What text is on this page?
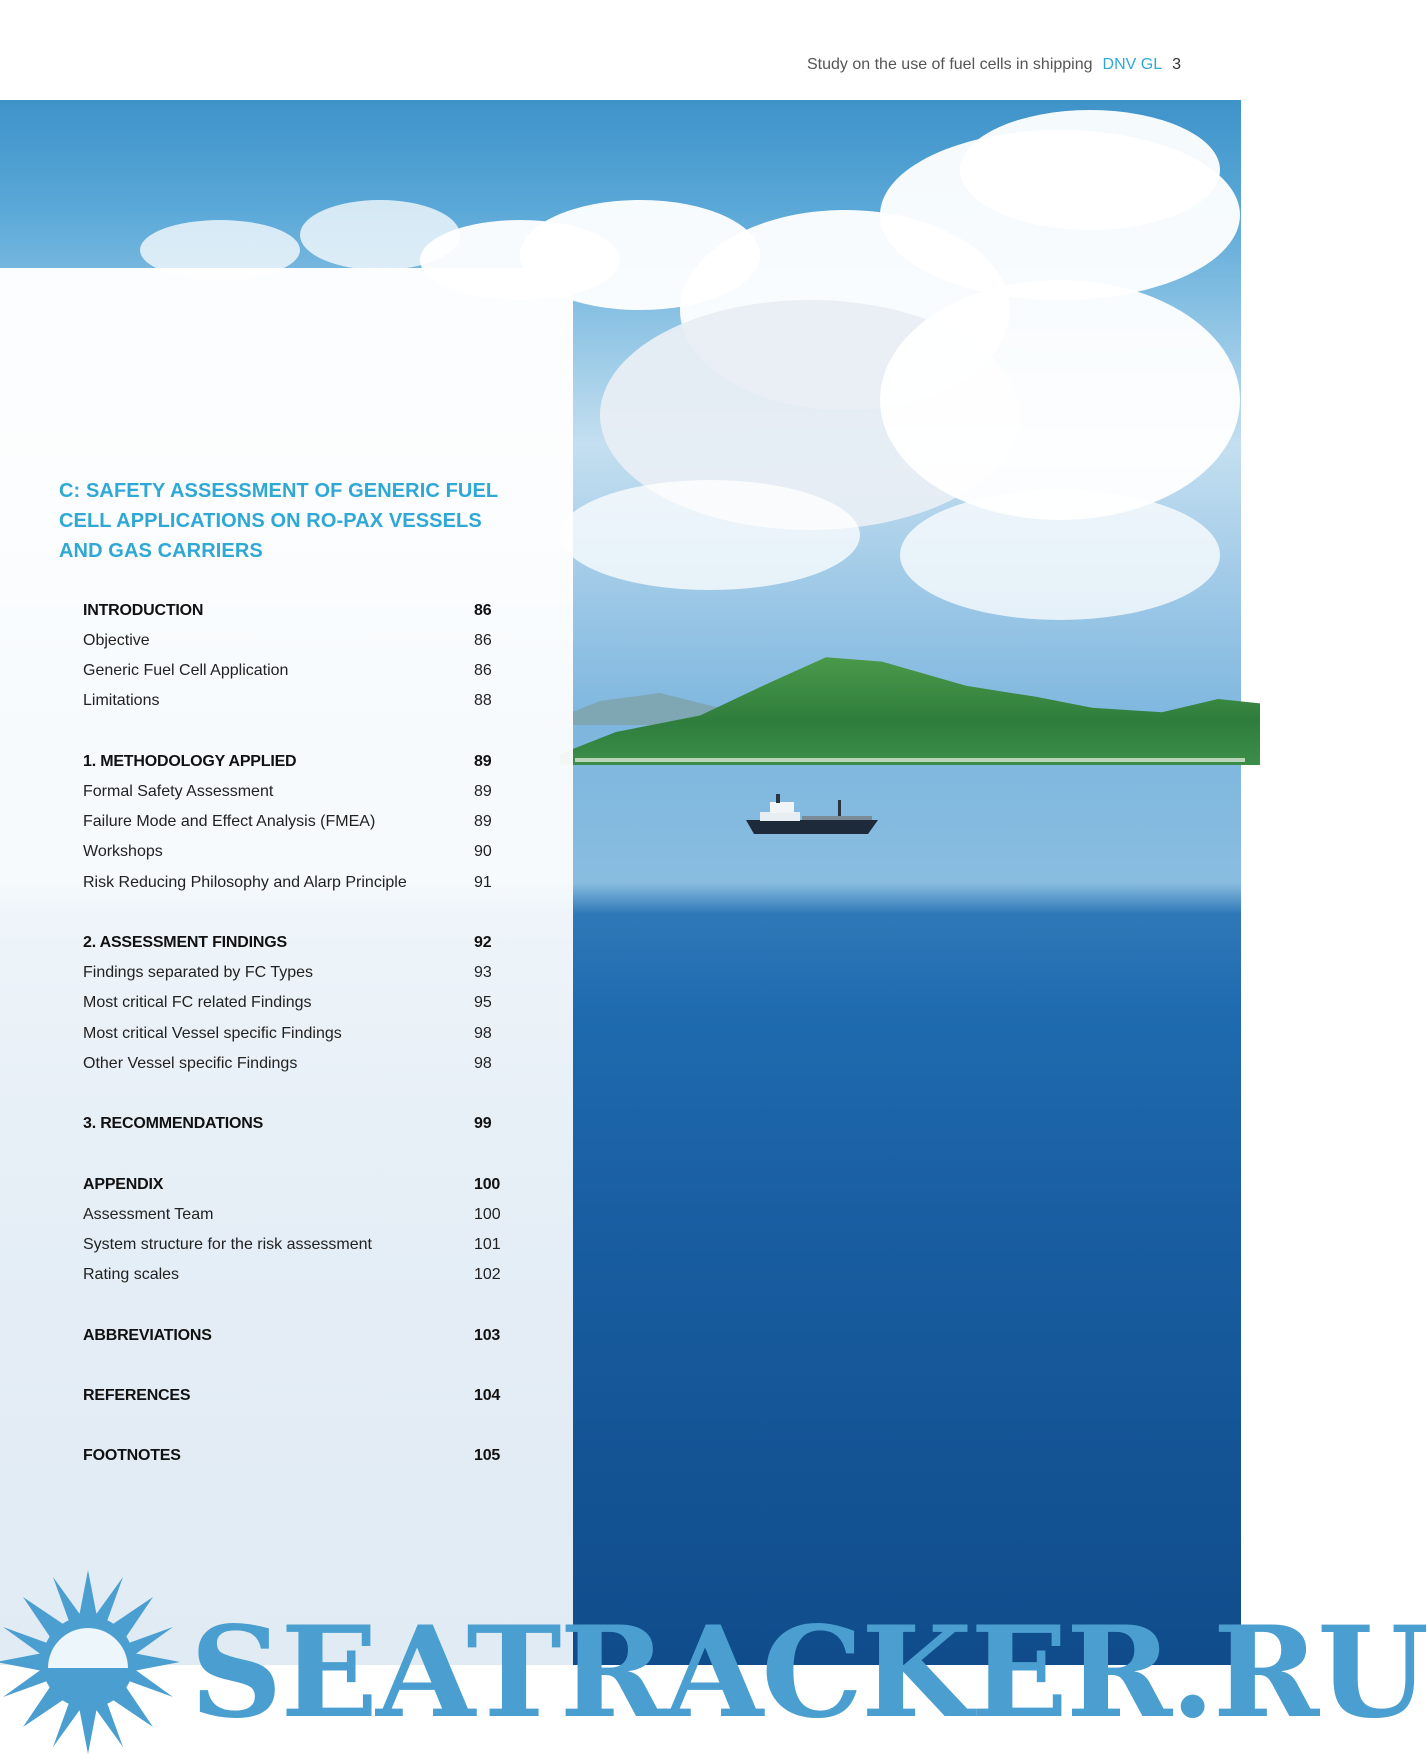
Study on the use of fuel cells in shipping DNV GL 3
C: SAFETY ASSESSMENT OF GENERIC FUEL CELL APPLICATIONS ON RO-PAX VESSELS AND GAS CARRIERS
INTRODUCTION	86
Objective	86
Generic Fuel Cell Application	86
Limitations	88
1. METHODOLOGY APPLIED	89
Formal Safety Assessment	89
Failure Mode and Effect Analysis (FMEA)	89
Workshops	90
Risk Reducing Philosophy and Alarp Principle	91
2. ASSESSMENT FINDINGS	92
Findings separated by FC Types	93
Most critical FC related Findings	95
Most critical Vessel specific Findings	98
Other Vessel specific Findings	98
3. RECOMMENDATIONS	99
APPENDIX	100
Assessment Team	100
System structure for the risk assessment	101
Rating scales	102
ABBREVIATIONS	103
REFERENCES	104
FOOTNOTES	105
SEATRACKER.RU
